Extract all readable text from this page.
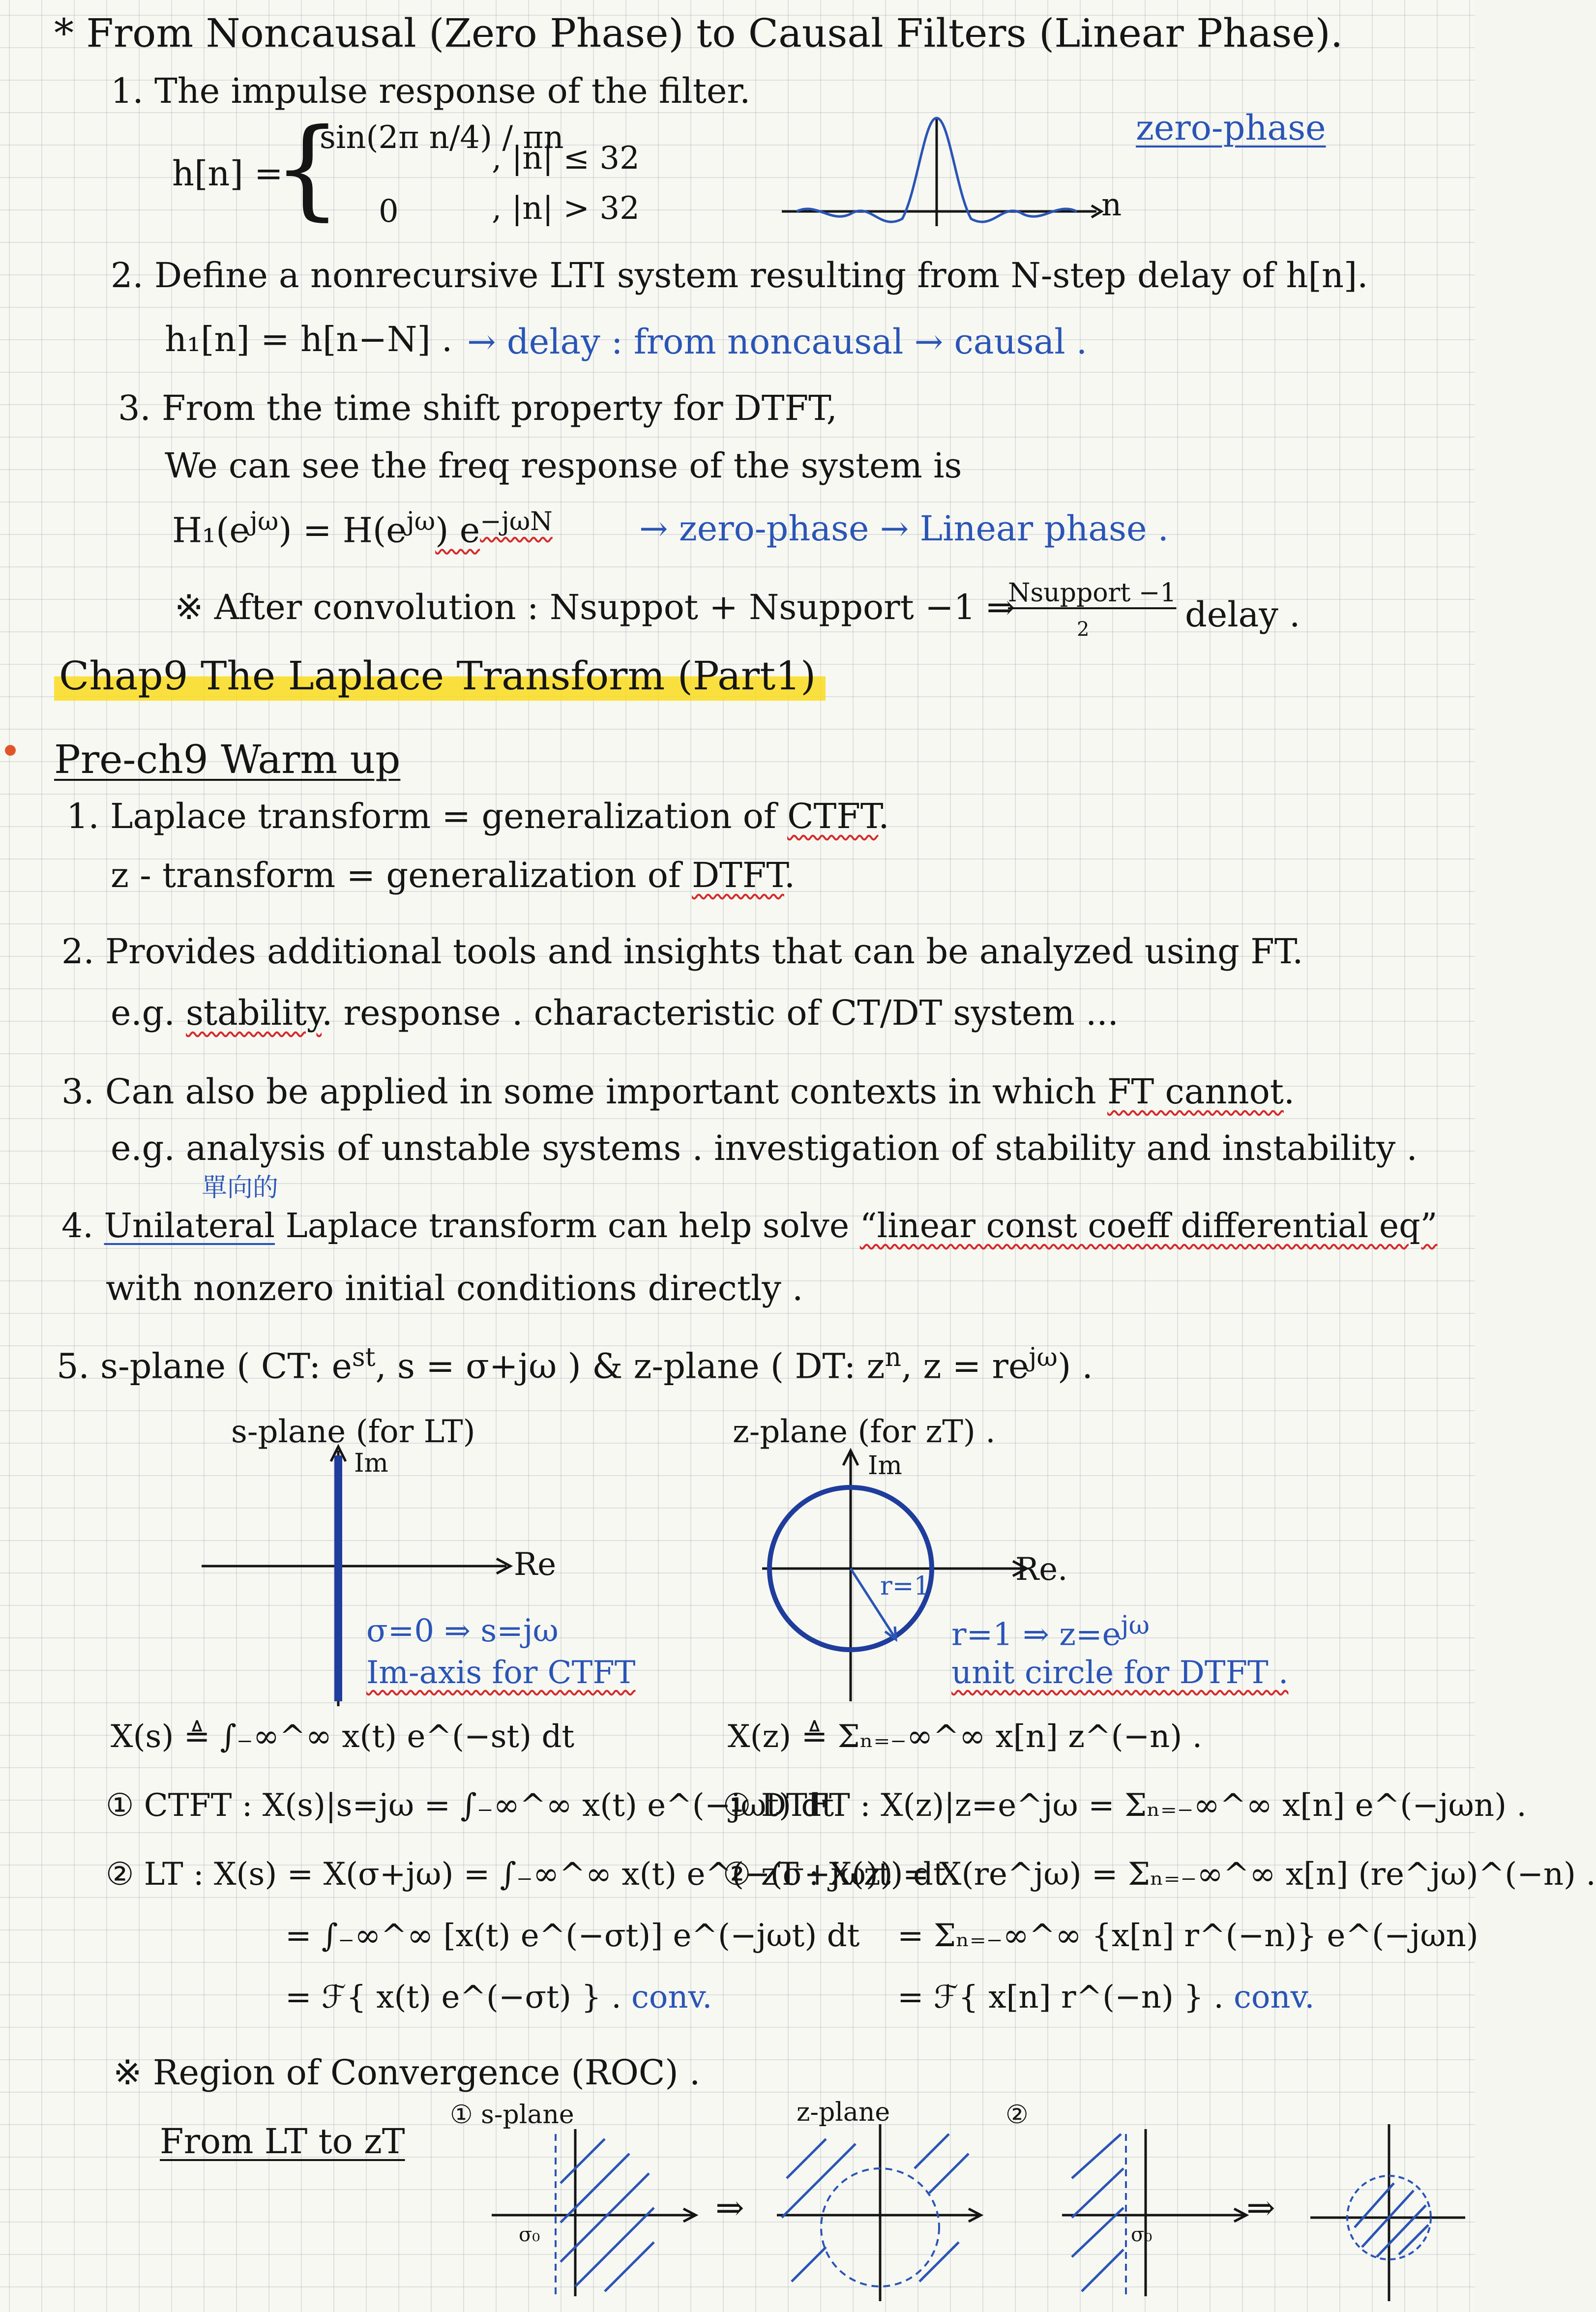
* From Noncausal (Zero Phase) to Causal Filters (Linear Phase).
1. The impulse response of the filter.
h[n] =
{
sin(2π n/4) / πn
, |n| ≤ 32
0	, |n| > 32
zero-phase
n
2. Define a nonrecursive LTI system resulting from N-step delay of h[n].
h₁[n] = h[n−N] . → delay : from noncausal → causal .
3. From the time shift property for DTFT,
We can see the freq response of the system is
$H_1(e^{j\omega}) = H(e^{j\omega})$ $e^{-j\omega N}$	→ zero-phase → Linear phase .
※ After convolution : Nsuppot + Nsupport −1 ⇒
Nsupport −1
2	delay .
Chap9 The Laplace Transform (Part1)
Pre-ch9 Warm up
1. Laplace transform = generalization of CTFT.
z - transform = generalization of DTFT.
2. Provides additional tools and insights that can be analyzed using FT.
e.g. stability. response . characteristic of CT/DT system ...
3. Can also be applied in some important contexts in which FT cannot.
e.g. analysis of unstable systems . investigation of stability and instability .
單向的
4. Unilateral Laplace transform can help solve “linear const coeff differential eq”
with nonzero initial conditions directly .
5. s-plane ( CT: $e^{st}$, s = σ+jω ) & z-plane ( DT: $z^n$, $z = re^{j\omega}$) .
s-plane (for LT)
Im
Re
σ=0 ⇒ s=jω
Im-axis for CTFT
z-plane (for zT) .
Im
Re.
r=1
r=1 ⇒ $z=e^{j\omega}$
unit circle for DTFT .
X(s) ≜ ∫₋∞^∞ x(t) e^(−st) dt
① CTFT : X(s)|s=jω = ∫₋∞^∞ x(t) e^(−jωt) dt
② LT : X(s) = X(σ+jω) = ∫₋∞^∞ x(t) e^(−(σ+jω)t) dt
= ∫₋∞^∞ [x(t) e^(−σt)] e^(−jωt) dt
= ℱ{ x(t) e^(−σt) } . conv.
X(z) ≜ Σₙ₌₋∞^∞ x[n] z^(−n) .
① DTFT : X(z)|z=e^jω = Σₙ₌₋∞^∞ x[n] e^(−jωn) .
② zT : X(z) = X(re^jω) = Σₙ₌₋∞^∞ x[n] (re^jω)^(−n) .
= Σₙ₌₋∞^∞ {x[n] r^(−n)} e^(−jωn)
= ℱ{ x[n] r^(−n) } . conv.
※ Region of Convergence (ROC) .
From LT to zT
① s-plane	z-plane	②
σ₀
⇒
σ₀
⇒
